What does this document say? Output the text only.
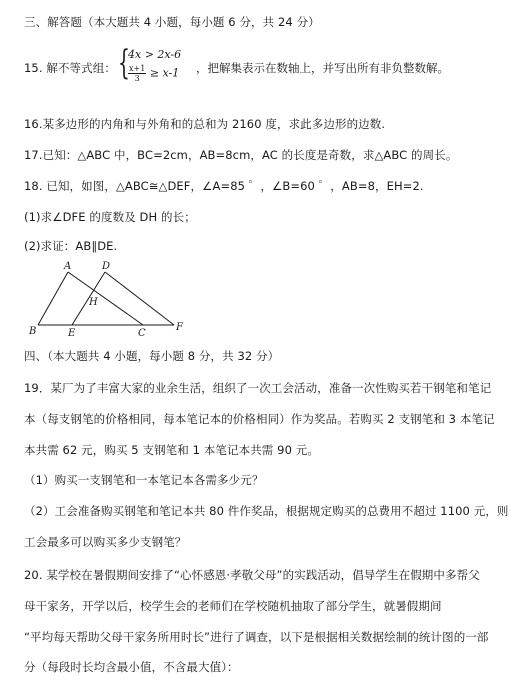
三、解答题（本大题共 4 小题，每小题 6 分，共 24 分）
15. 解不等式组： {
4x > 2x-6
$\frac{x+1}{3} \ge x-1$ ，把解集表示在数轴上，并写出所有非负整数解。
16.某多边形的内角和与外角和的总和为 2160 度，求此多边形的边数.
17.已知：△ABC 中，BC=2cm，AB=8cm，AC 的长度是奇数，求△ABC 的周长。
18. 已知，如图，△ABC≅△DEF，∠A=85 ゜，∠B=60 ゜，AB=8，EH=2.
(1)求∠DFE 的度数及 DH 的长；
(2)求证：AB∥DE.
A	D
H
B	E	C
F
四、（本大题共 4 小题，每小题 8 分，共 32 分）
19．某厂为了丰富大家的业余生活，组织了一次工会活动，准备一次性购买若干钢笔和笔记
本（每支钢笔的价格相同，每本笔记本的价格相同）作为奖品。若购买 2 支钢笔和 3 本笔记
本共需 62 元，购买 5 支钢笔和 1 本笔记本共需 90 元。
（1）购买一支钢笔和一本笔记本各需多少元？
（2）工会准备购买钢笔和笔记本共 80 件作奖品，根据规定购买的总费用不超过 1100 元，则
工会最多可以购买多少支钢笔？
20. 某学校在暑假期间安排了“心怀感恩·孝敬父母”的实践活动，倡导学生在假期中多帮父
母干家务，开学以后，校学生会的老师们在学校随机抽取了部分学生，就暑假期间
“平均每天帮助父母干家务所用时长”进行了调查，以下是根据相关数据绘制的统计图的一部
分（每段时长均含最小值，不含最大值）：
